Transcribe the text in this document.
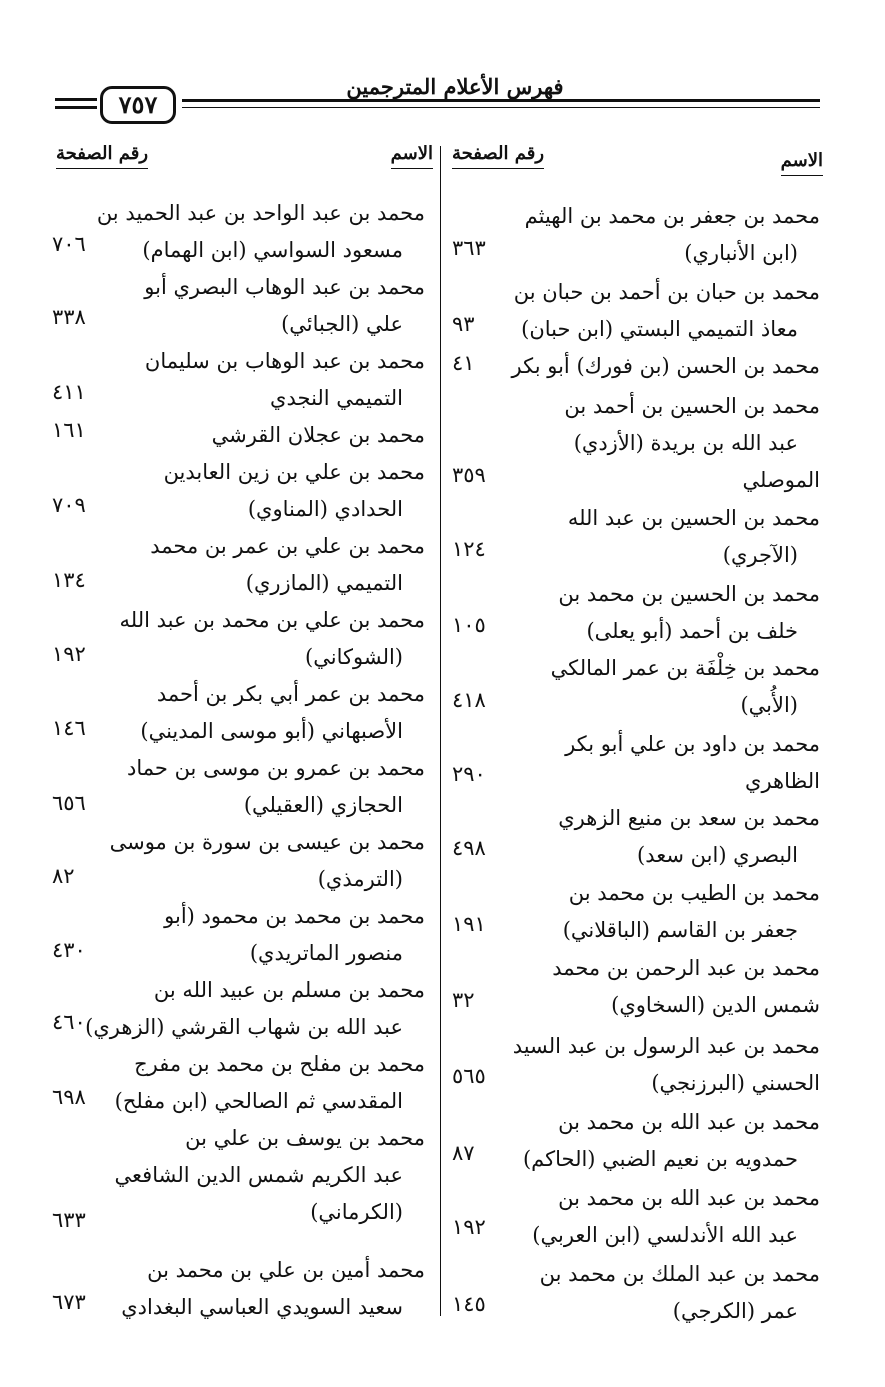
فهرس الأعلام المترجمين
٧٥٧
الاسم
رقم الصفحة	الاسم
رقم الصفحة
محمد بن عبد الواحد بن عبد الحميد بن
مسعود السواسي (ابن الهمام)
٧٠٦
محمد بن عبد الوهاب البصري أبو
علي (الجبائي)
٣٣٨
محمد بن عبد الوهاب بن سليمان
التميمي النجدي
٤١١
محمد بن عجلان القرشي
١٦١
محمد بن علي بن زين العابدين
الحدادي (المناوي)
٧٠٩
محمد بن علي بن عمر بن محمد
التميمي (المازري)
١٣٤
محمد بن علي بن محمد بن عبد الله
(الشوكاني)
١٩٢
محمد بن عمر أبي بكر بن أحمد
الأصبهاني (أبو موسى المديني)
١٤٦
محمد بن عمرو بن موسى بن حماد
الحجازي (العقيلي)
٦٥٦
محمد بن عيسى بن سورة بن موسى
(الترمذي)
٨٢
محمد بن محمد بن محمود (أبو
منصور الماتريدي)
٤٣٠
محمد بن مسلم بن عبيد الله بن
عبد الله بن شهاب القرشي (الزهري)
٤٦٠
محمد بن مفلح بن محمد بن مفرج
المقدسي ثم الصالحي (ابن مفلح)
٦٩٨
محمد بن يوسف بن علي بن
عبد الكريم شمس الدين الشافعي
(الكرماني)
٦٣٣
محمد أمين بن علي بن محمد بن
سعيد السويدي العباسي البغدادي
٦٧٣
محمد بن جعفر بن محمد بن الهيثم
(ابن الأنباري)
٣٦٣
محمد بن حبان بن أحمد بن حبان بن
معاذ التميمي البستي (ابن حبان)
٩٣
محمد بن الحسن (بن فورك) أبو بكر
٤١
محمد بن الحسين بن أحمد بن
عبد الله بن بريدة (الأزدي)
الموصلي
٣٥٩
محمد بن الحسين بن عبد الله
(الآجري)
١٢٤
محمد بن الحسين بن محمد بن
خلف بن أحمد (أبو يعلى)
١٠٥
محمد بن خِلْفَة بن عمر المالكي
(الأُبي)
٤١٨
محمد بن داود بن علي أبو بكر
الظاهري
٢٩٠
محمد بن سعد بن منيع الزهري
البصري (ابن سعد)
٤٩٨
محمد بن الطيب بن محمد بن
جعفر بن القاسم (الباقلاني)
١٩١
محمد بن عبد الرحمن بن محمد
شمس الدين (السخاوي)
٣٢
محمد بن عبد الرسول بن عبد السيد
الحسني (البرزنجي)
٥٦٥
محمد بن عبد الله بن محمد بن
حمدويه بن نعيم الضبي (الحاكم)
٨٧
محمد بن عبد الله بن محمد بن
عبد الله الأندلسي (ابن العربي)
١٩٢
محمد بن عبد الملك بن محمد بن
عمر (الكرجي)
١٤٥
